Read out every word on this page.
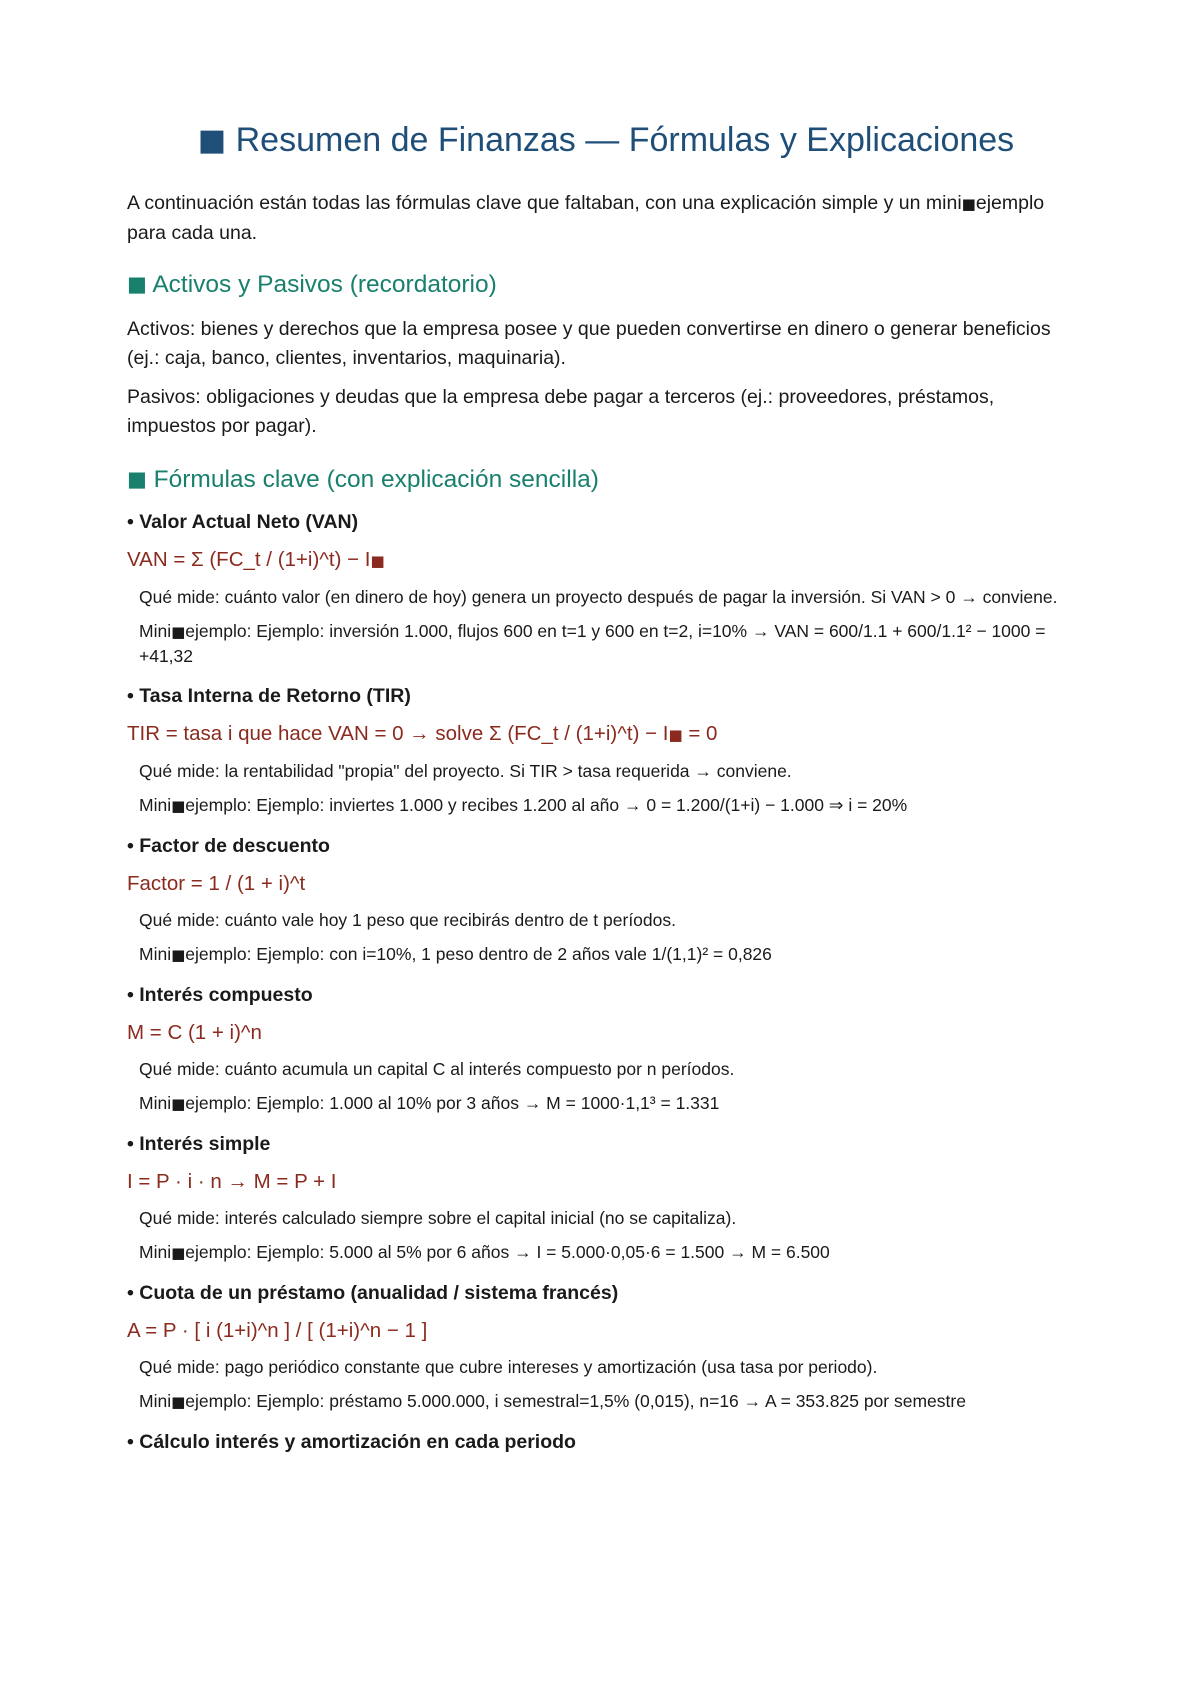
■ Resumen de Finanzas — Fórmulas y Explicaciones

A continuación están todas las fórmulas clave que faltaban, con una explicación simple y un mini■ejemplo para cada una.

■ Activos y Pasivos (recordatorio)

Activos: bienes y derechos que la empresa posee y que pueden convertirse en dinero o generar beneficios (ej.: caja, banco, clientes, inventarios, maquinaria).

Pasivos: obligaciones y deudas que la empresa debe pagar a terceros (ej.: proveedores, préstamos, impuestos por pagar).

■ Fórmulas clave (con explicación sencilla)

• Valor Actual Neto (VAN)

VAN = Σ (FC_t / (1+i)^t) − I■

Qué mide: cuánto valor (en dinero de hoy) genera un proyecto después de pagar la inversión. Si VAN > 0 → conviene.

Mini■ejemplo: Ejemplo: inversión 1.000, flujos 600 en t=1 y 600 en t=2, i=10% → VAN = 600/1.1 + 600/1.1² − 1000 = +41,32

• Tasa Interna de Retorno (TIR)

TIR = tasa i que hace VAN = 0 → solve Σ (FC_t / (1+i)^t) − I■ = 0

Qué mide: la rentabilidad "propia" del proyecto. Si TIR > tasa requerida → conviene.

Mini■ejemplo: Ejemplo: inviertes 1.000 y recibes 1.200 al año → 0 = 1.200/(1+i) − 1.000 ⇒ i = 20%

• Factor de descuento

Factor = 1 / (1 + i)^t

Qué mide: cuánto vale hoy 1 peso que recibirás dentro de t períodos.

Mini■ejemplo: Ejemplo: con i=10%, 1 peso dentro de 2 años vale 1/(1,1)² = 0,826

• Interés compuesto

M = C (1 + i)^n

Qué mide: cuánto acumula un capital C al interés compuesto por n períodos.

Mini■ejemplo: Ejemplo: 1.000 al 10% por 3 años → M = 1000·1,1³ = 1.331

• Interés simple

I = P · i · n → M = P + I

Qué mide: interés calculado siempre sobre el capital inicial (no se capitaliza).

Mini■ejemplo: Ejemplo: 5.000 al 5% por 6 años → I = 5.000·0,05·6 = 1.500 → M = 6.500

• Cuota de un préstamo (anualidad / sistema francés)

A = P · [ i (1+i)^n ] / [ (1+i)^n − 1 ]

Qué mide: pago periódico constante que cubre intereses y amortización (usa tasa por periodo).

Mini■ejemplo: Ejemplo: préstamo 5.000.000, i semestral=1,5% (0,015), n=16 → A = 353.825 por semestre

• Cálculo interés y amortización en cada periodo
